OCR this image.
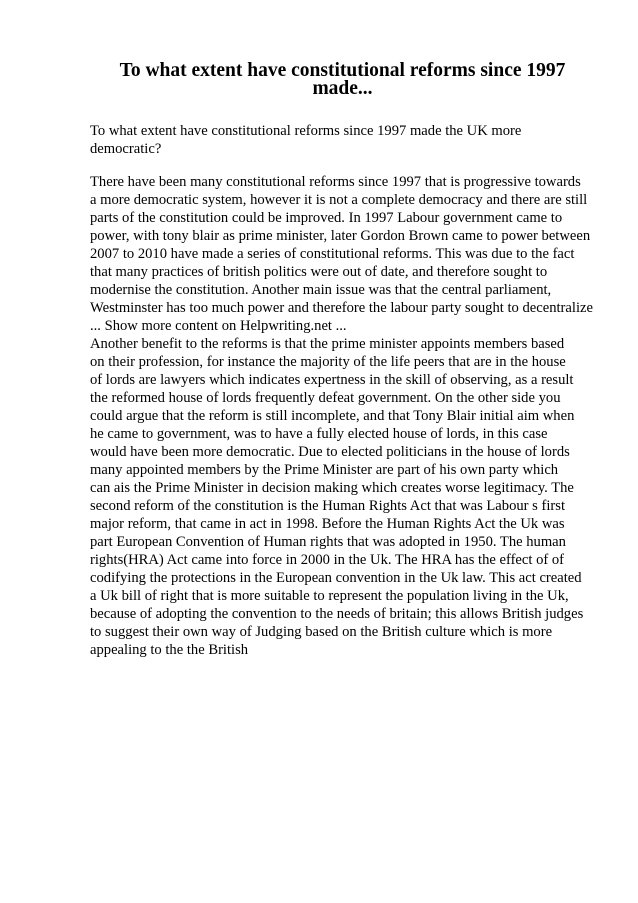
To what extent have constitutional reforms since 1997
made...
To what extent have constitutional reforms since 1997 made the UK more
democratic?
There have been many constitutional reforms since 1997 that is progressive towards
a more democratic system, however it is not a complete democracy and there are still
parts of the constitution could be improved. In 1997 Labour government came to
power, with tony blair as prime minister, later Gordon Brown came to power between
2007 to 2010 have made a series of constitutional reforms. This was due to the fact
that many practices of british politics were out of date, and therefore sought to
modernise the constitution. Another main issue was that the central parliament,
Westminster has too much power and therefore the labour party sought to decentralize
... Show more content on Helpwriting.net ...
Another benefit to the reforms is that the prime minister appoints members based
on their profession, for instance the majority of the life peers that are in the house
of lords are lawyers which indicates expertness in the skill of observing, as a result
the reformed house of lords frequently defeat government. On the other side you
could argue that the reform is still incomplete, and that Tony Blair initial aim when
he came to government, was to have a fully elected house of lords, in this case
would have been more democratic. Due to elected politicians in the house of lords
many appointed members by the Prime Minister are part of his own party which
can ais the Prime Minister in decision making which creates worse legitimacy. The
second reform of the constitution is the Human Rights Act that was Labour s first
major reform, that came in act in 1998. Before the Human Rights Act the Uk was
part European Convention of Human rights that was adopted in 1950. The human
rights(HRA) Act came into force in 2000 in the Uk. The HRA has the effect of of
codifying the protections in the European convention in the Uk law. This act created
a Uk bill of right that is more suitable to represent the population living in the Uk,
because of adopting the convention to the needs of britain; this allows British judges
to suggest their own way of Judging based on the British culture which is more
appealing to the the British
